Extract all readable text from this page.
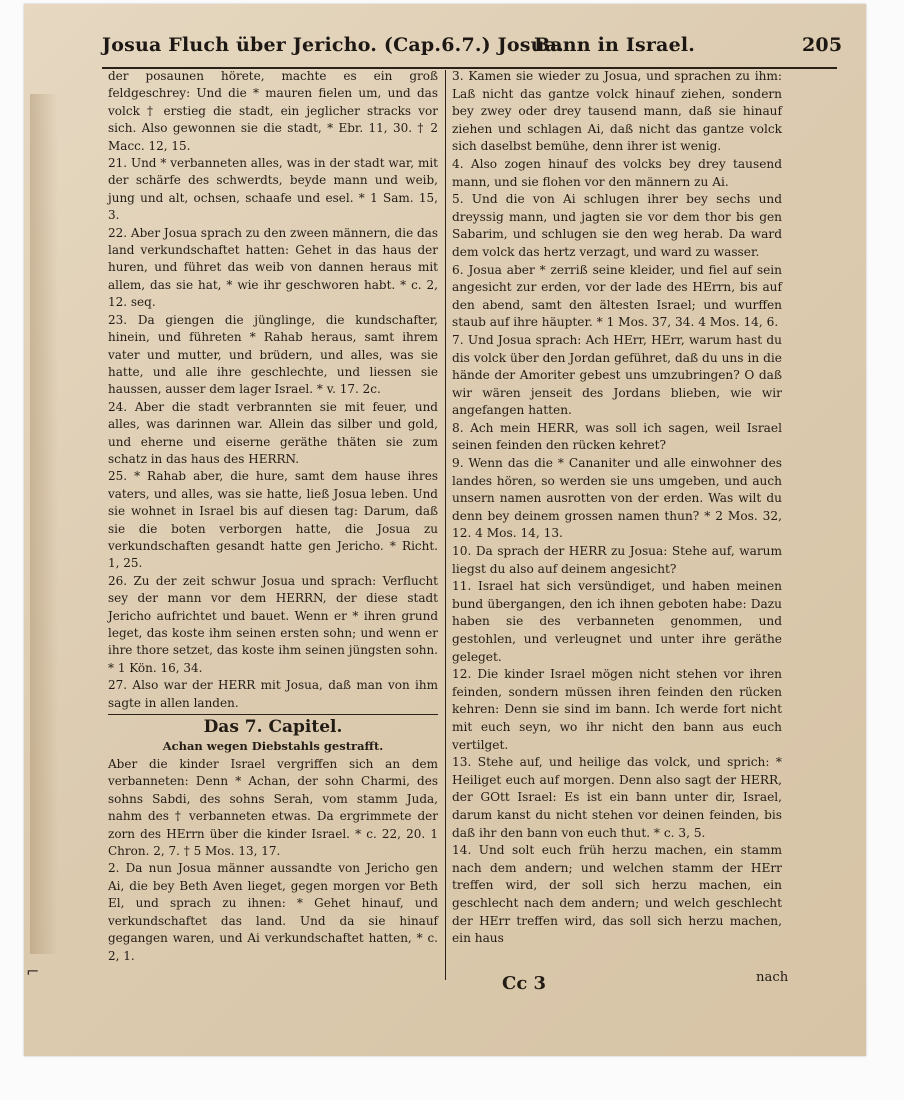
Josua Fluch über Jericho. (Cap.6.7.) Josua.
Bann in Israel.	205

der posaunen hörete, machte es ein groß feldgeschrey: Und die * mauren fielen um, und das volck † erstieg die stadt, ein jeglicher stracks vor sich. Also gewonnen sie die stadt, * Ebr. 11, 30. † 2 Macc. 12, 15.

21. Und * verbanneten alles, was in der stadt war, mit der schärfe des schwerdts, beyde mann und weib, jung und alt, ochsen, schaafe und esel. * 1 Sam. 15, 3.

22. Aber Josua sprach zu den zween männern, die das land verkundschaftet hatten: Gehet in das haus der huren, und führet das weib von dannen heraus mit allem, das sie hat, * wie ihr geschworen habt. * c. 2, 12. seq.

23. Da giengen die jünglinge, die kundschafter, hinein, und führeten * Rahab heraus, samt ihrem vater und mutter, und brüdern, und alles, was sie hatte, und alle ihre geschlechte, und liessen sie haussen, ausser dem lager Israel. * v. 17. 2c.

24. Aber die stadt verbrannten sie mit feuer, und alles, was darinnen war. Allein das silber und gold, und eherne und eiserne geräthe thäten sie zum schatz in das haus des HERRN.

25. * Rahab aber, die hure, samt dem hause ihres vaters, und alles, was sie hatte, ließ Josua leben. Und sie wohnet in Israel bis auf diesen tag: Darum, daß sie die boten verborgen hatte, die Josua zu verkundschaften gesandt hatte gen Jericho. * Richt. 1, 25.

26. Zu der zeit schwur Josua und sprach: Verflucht sey der mann vor dem HERRN, der diese stadt Jericho aufrichtet und bauet. Wenn er * ihren grund leget, das koste ihm seinen ersten sohn; und wenn er ihre thore setzet, das koste ihm seinen jüngsten sohn. * 1 Kön. 16, 34.

27. Also war der HERR mit Josua, daß man von ihm sagte in allen landen.

Das 7. Capitel.

Achan wegen Diebstahls gestrafft.

Aber die kinder Israel vergriffen sich an dem verbanneten: Denn * Achan, der sohn Charmi, des sohns Sabdi, des sohns Serah, vom stamm Juda, nahm des † verbanneten etwas. Da ergrimmete der zorn des HErrn über die kinder Israel. * c. 22, 20. 1 Chron. 2, 7. † 5 Mos. 13, 17.

2. Da nun Josua männer aussandte von Jericho gen Ai, die bey Beth Aven lieget, gegen morgen vor Beth El, und sprach zu ihnen: * Gehet hinauf, und verkundschaftet das land. Und da sie hinauf gegangen waren, und Ai verkundschaftet hatten, * c. 2, 1.

3. Kamen sie wieder zu Josua, und sprachen zu ihm: Laß nicht das gantze volck hinauf ziehen, sondern bey zwey oder drey tausend mann, daß sie hinauf ziehen und schlagen Ai, daß nicht das gantze volck sich daselbst bemühe, denn ihrer ist wenig.

4. Also zogen hinauf des volcks bey drey tausend mann, und sie flohen vor den männern zu Ai.

5. Und die von Ai schlugen ihrer bey sechs und dreyssig mann, und jagten sie vor dem thor bis gen Sabarim, und schlugen sie den weg herab. Da ward dem volck das hertz verzagt, und ward zu wasser.

6. Josua aber * zerriß seine kleider, und fiel auf sein angesicht zur erden, vor der lade des HErrn, bis auf den abend, samt den ältesten Israel; und wurffen staub auf ihre häupter. * 1 Mos. 37, 34. 4 Mos. 14, 6.

7. Und Josua sprach: Ach HErr, HErr, warum hast du dis volck über den Jordan geführet, daß du uns in die hände der Amoriter gebest uns umzubringen? O daß wir wären jenseit des Jordans blieben, wie wir angefangen hatten.

8. Ach mein HERR, was soll ich sagen, weil Israel seinen feinden den rücken kehret?

9. Wenn das die * Cananiter und alle einwohner des landes hören, so werden sie uns umgeben, und auch unsern namen ausrotten von der erden. Was wilt du denn bey deinem grossen namen thun? * 2 Mos. 32, 12. 4 Mos. 14, 13.

10. Da sprach der HERR zu Josua: Stehe auf, warum liegst du also auf deinem angesicht?

11. Israel hat sich versündiget, und haben meinen bund übergangen, den ich ihnen geboten habe: Dazu haben sie des verbanneten genommen, und gestohlen, und verleugnet und unter ihre geräthe geleget.

12. Die kinder Israel mögen nicht stehen vor ihren feinden, sondern müssen ihren feinden den rücken kehren: Denn sie sind im bann. Ich werde fort nicht mit euch seyn, wo ihr nicht den bann aus euch vertilget.

13. Stehe auf, und heilige das volck, und sprich: * Heiliget euch auf morgen. Denn also sagt der HERR, der GOtt Israel: Es ist ein bann unter dir, Israel, darum kanst du nicht stehen vor deinen feinden, bis daß ihr den bann von euch thut. * c. 3, 5.

14. Und solt euch früh herzu machen, ein stamm nach dem andern; und welchen stamm der HErr treffen wird, der soll sich herzu machen, ein geschlecht nach dem andern; und welch geschlecht der HErr treffen wird, das soll sich herzu machen, ein haus

Cc 3	nach
⌐
